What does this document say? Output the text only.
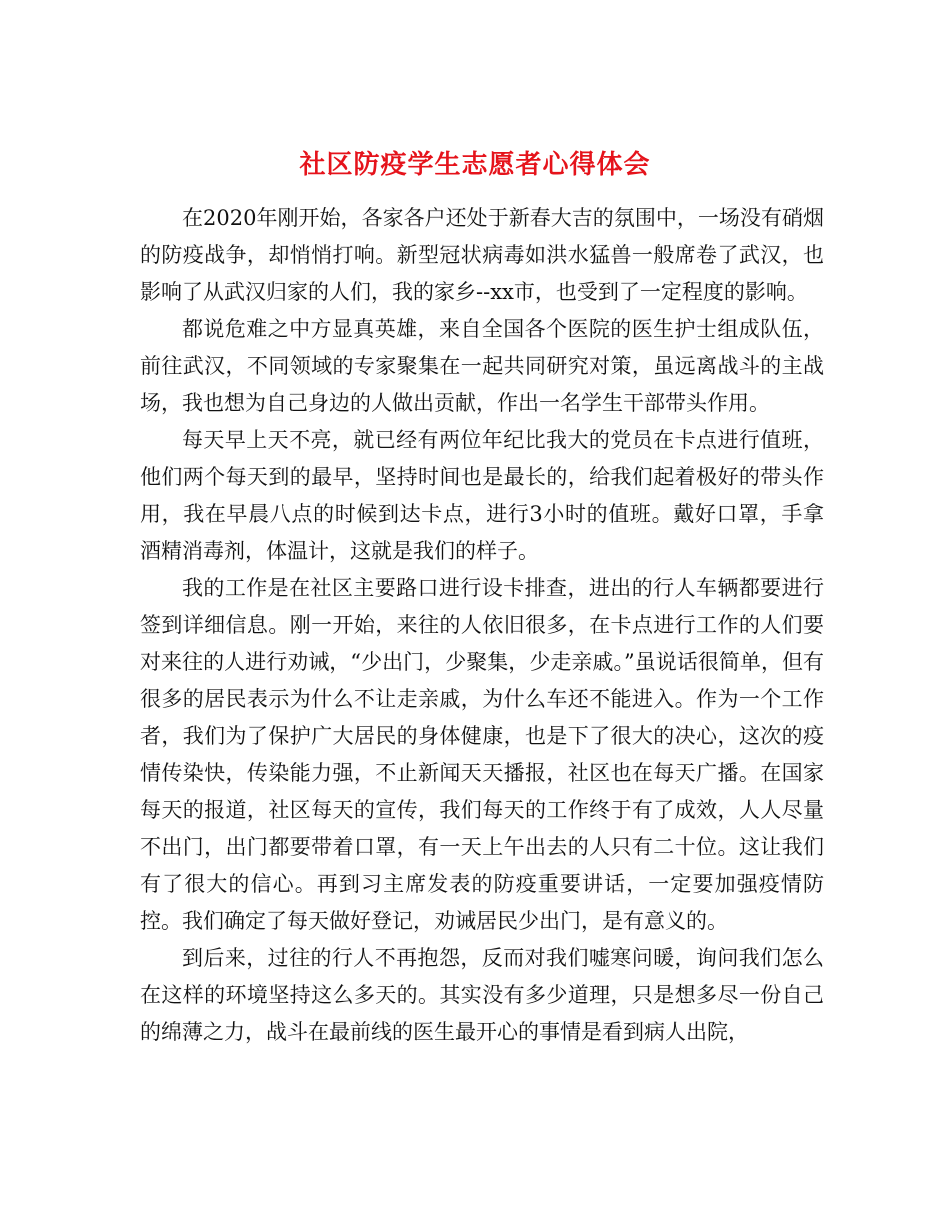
社区防疫学生志愿者心得体会

在2020年刚开始，各家各户还处于新春大吉的氛围中，一场没有硝烟的防疫战争，却悄悄打响。新型冠状病毒如洪水猛兽一般席卷了武汉，也影响了从武汉归家的人们，我的家乡--xx市，也受到了一定程度的影响。

都说危难之中方显真英雄，来自全国各个医院的医生护士组成队伍，前往武汉，不同领域的专家聚集在一起共同研究对策，虽远离战斗的主战场，我也想为自己身边的人做出贡献，作出一名学生干部带头作用。

每天早上天不亮，就已经有两位年纪比我大的党员在卡点进行值班，他们两个每天到的最早，坚持时间也是最长的，给我们起着极好的带头作用，我在早晨八点的时候到达卡点，进行3小时的值班。戴好口罩，手拿酒精消毒剂，体温计，这就是我们的样子。

我的工作是在社区主要路口进行设卡排查，进出的行人车辆都要进行签到详细信息。刚一开始，来往的人依旧很多，在卡点进行工作的人们要对来往的人进行劝诫，“少出门，少聚集，少走亲戚。”虽说话很简单，但有很多的居民表示为什么不让走亲戚，为什么车还不能进入。作为一个工作者，我们为了保护广大居民的身体健康，也是下了很大的决心，这次的疫情传染快，传染能力强，不止新闻天天播报，社区也在每天广播。在国家每天的报道，社区每天的宣传，我们每天的工作终于有了成效，人人尽量不出门，出门都要带着口罩，有一天上午出去的人只有二十位。这让我们有了很大的信心。再到习主席发表的防疫重要讲话，一定要加强疫情防控。我们确定了每天做好登记，劝诫居民少出门，是有意义的。

到后来，过往的行人不再抱怨，反而对我们嘘寒问暖，询问我们怎么在这样的环境坚持这么多天的。其实没有多少道理，只是想多尽一份自己的绵薄之力，战斗在最前线的医生最开心的事情是看到病人出院，
